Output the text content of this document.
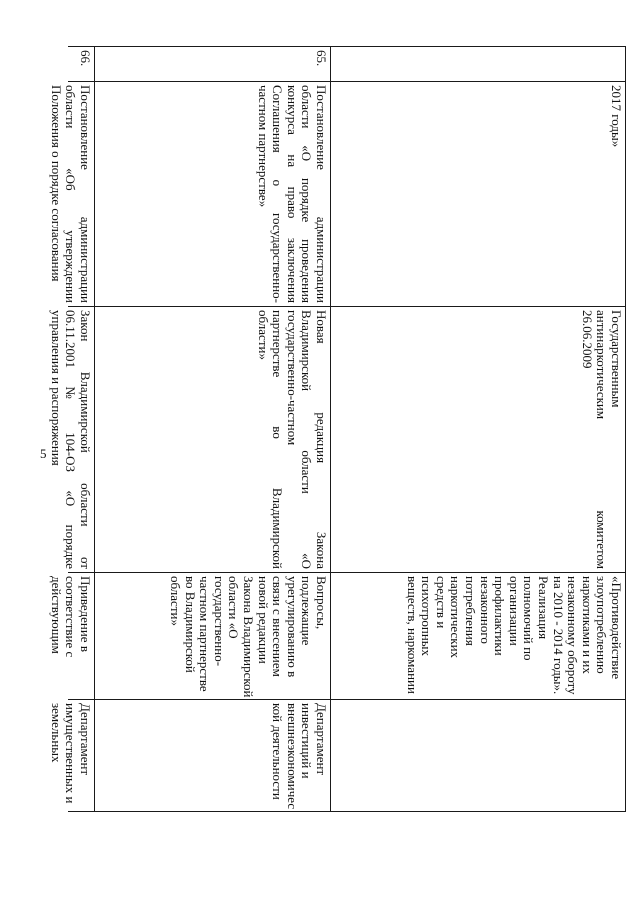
5
2017 годы»
Государственным
антинаркотическим комитетом
26.06.2009
«Противодействие
злоупотреблению
наркотиками и их
незаконному обороту
на 2010 - 2014 годы».
Реализация
полномочий по
организации
профилактики
незаконного
потребления
наркотических
средств и
психотропных
веществ, наркомании
65.
Постановление администрации
области «О порядке проведения
конкурса на право заключения
Соглашения о государственно-
частном партнерстве»
Новая редакция Закона
Владимирской области «О
государственно-частном
партнерстве во Владимирской
области»
Вопросы,
подлежащие
урегулированию в
связи с внесением
новой редакции
Закона Владимирской
области «О
государственно-
частном партнерстве
во Владимирской
области»
Департамент
инвестиций и
внешнеэкономичес
кой деятельности
66.
Постановление администрации
области «Об утверждении
Положения о порядке согласования
Закон Владимирской области от
06.11.2001 № 104-ОЗ «О порядке
управления и распоряжения
Приведение в
соответствие с
действующим
Департамент
имущественных и
земельных
